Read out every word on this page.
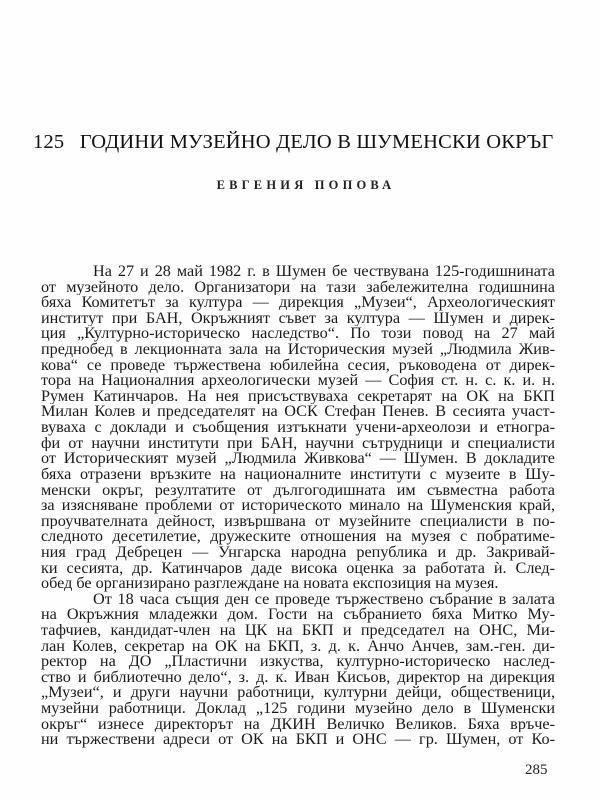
125 ГОДИНИ МУЗЕЙНО ДЕЛО В ШУМЕНСКИ ОКРЪГ
ЕВГЕНИЯ ПОПОВА
На 27 и 28 май 1982 г. в Шумен бе чествувана 125-годишнината
от музейното дело. Организатори на тази забележителна годишнина
бяха Комитетът за култура — дирекция „Музеи“, Археологическият
институт при БАН, Окръжният съвет за култура — Шумен и дирек-
ция „Културно-историческо наследство“. По този повод на 27 май
преднобед в лекционната зала на Историческия музей „Людмила Жив-
кова“ се проведе тържествена юбилейна сесия, ръководена от дирек-
тора на Националния археологически музей — София ст. н. с. к. и. н.
Румен Катинчаров. На нея присъствуваха секретарят на ОК на БКП
Милан Колев и председателят на ОСК Стефан Пенев. В сесията участ-
вуваха с доклади и съобщения изтъкнати учени-археолози и етногра-
фи от научни институти при БАН, научни сътрудници и специалисти
от Историческият музей „Людмила Живкова“ — Шумен. В докладите
бяха отразени връзките на националните институти с музеите в Шу-
менски окръг, резултатите от дългогодишната им съвместна работа
за изясняване проблеми от историческото минало на Шуменския край,
проучвателната дейност, извършвана от музейните специалисти в по-
следното десетилетие, дружеските отношения на музея с побратиме-
ния град Дебрецен — Унгарска народна република и др. Закривай-
ки сесията, др. Катинчаров даде висока оценка за работата ѝ. След-
обед бе организирано разглеждане на новата експозиция на музея.
От 18 часа същия ден се проведе тържествено събрание в залата
на Окръжния младежки дом. Гости на събранието бяха Митко Му-
тафчиев, кандидат-член на ЦК на БКП и председател на ОНС, Ми-
лан Колев, секретар на ОК на БКП, з. д. к. Анчо Анчев, зам.-ген. ди-
ректор на ДО „Пластични изкуства, културно-историческо наслед-
ство и библиотечно дело“, з. д. к. Иван Кисьов, директор на дирекция
„Музеи“, и други научни работници, културни дейци, общественици,
музейни работници. Доклад „125 години музейно дело в Шуменски
окръг“ изнесе директорът на ДКИН Величко Великов. Бяха връче-
ни тържествени адреси от ОК на БКП и ОНС — гр. Шумен, от Ко-
285
